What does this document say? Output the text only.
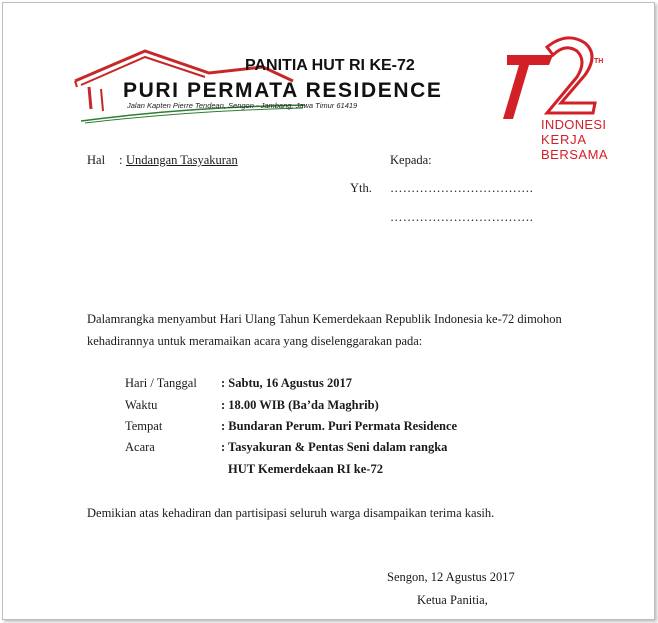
PANITIA HUT RI KE-72
PURI PERMATA RESIDENCE
Jalan Kapten Pierre Tendean, Sengon - Jambang, Jawa Timur 61419
TH
INDONESI
KERJA
BERSAMA
Hal : Undangan Tasyakuran	Kepada:
Yth. …………………………….
…………………………….
Dalamrangka menyambut Hari Ulang Tahun Kemerdekaan Republik Indonesia ke-72 dimohon
kehadirannya untuk meramaikan acara yang diselenggarakan pada:
Hari / Tanggal : Sabtu, 16 Agustus 2017
Waktu	: 18.00 WIB (Ba’da Maghrib)
Tempat	: Bundaran Perum. Puri Permata Residence
Acara	: Tasyakuran & Pentas Seni dalam rangka
HUT Kemerdekaan RI ke-72
Demikian atas kehadiran dan partisipasi seluruh warga disampaikan terima kasih.
Sengon, 12 Agustus 2017
Ketua Panitia,
